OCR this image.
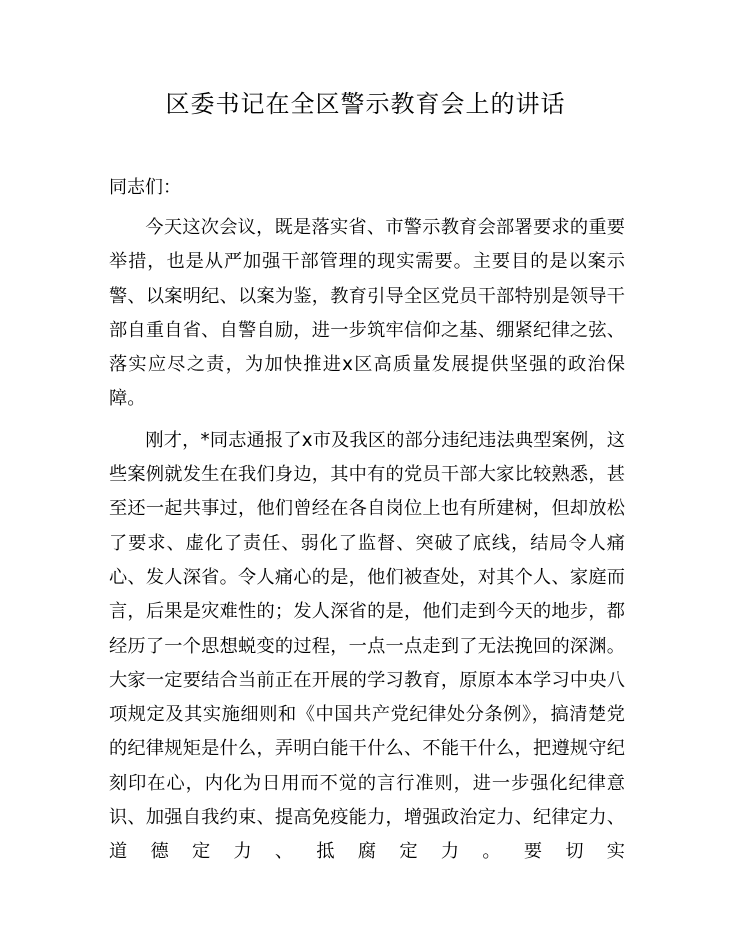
区委书记在全区警示教育会上的讲话

同志们：

今天这次会议，既是落实省、市警示教育会部署要求的重要举措，也是从严加强干部管理的现实需要。主要目的是以案示警、以案明纪、以案为鉴，教育引导全区党员干部特别是领导干部自重自省、自警自励，进一步筑牢信仰之基、绷紧纪律之弦、落实应尽之责，为加快推进x区高质量发展提供坚强的政治保障。

刚才，*同志通报了x市及我区的部分违纪违法典型案例，这些案例就发生在我们身边，其中有的党员干部大家比较熟悉，甚至还一起共事过，他们曾经在各自岗位上也有所建树，但却放松了要求、虚化了责任、弱化了监督、突破了底线，结局令人痛心、发人深省。令人痛心的是，他们被查处，对其个人、家庭而言，后果是灾难性的；发人深省的是，他们走到今天的地步，都经历了一个思想蜕变的过程，一点一点走到了无法挽回的深渊。大家一定要结合当前正在开展的学习教育，原原本本学习中央八项规定及其实施细则和《中国共产党纪律处分条例》，搞清楚党的纪律规矩是什么，弄明白能干什么、不能干什么，把遵规守纪刻印在心，内化为日用而不觉的言行准则，进一步强化纪律意识、加强自我约束、提高免疫能力，增强政治定力、纪律定力、道德定力、抵腐定力。要切实
